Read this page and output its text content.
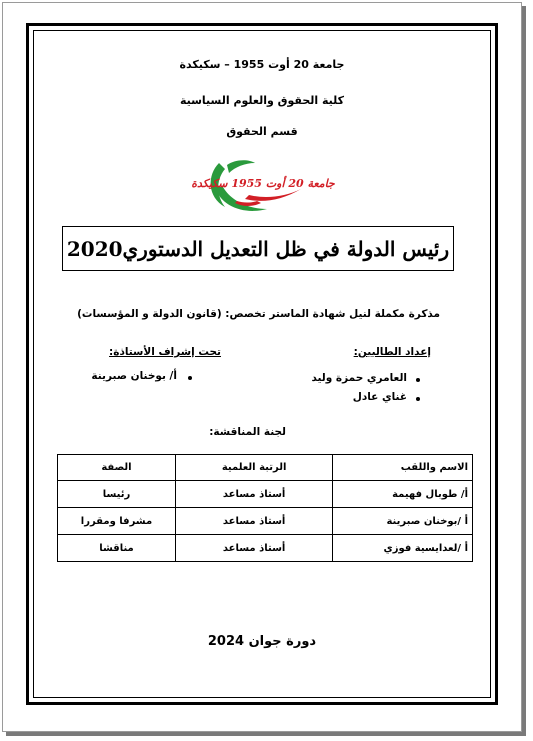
جامعة 20 أوت 1955 – سكيكدة
كلية الحقوق والعلوم السياسية
قسم الحقوق
جامعة 20 أوت 1955 سكيكدة
رئيس الدولة في ظل التعديل الدستوري2020
مذكرة مكملة لنيل شهادة الماستر تخصص: (قانون الدولة و المؤسسات)
إعداد الطالبين:
تحت إشراف الأستاذة:
العامري حمزة وليد
غناي عادل
أ/ بوخنان صبرينة
لجنة المناقشة:
الاسم واللقب	الرتبة العلمية	الصفة
أ/ طوبال فهيمة	أستاذ مساعد	رئيسا
أ /بوخنان صبرينة	أستاذ مساعد	مشرفا ومقررا
أ /لعدايسية فوزي	أستاذ مساعد	مناقشا
دورة جوان 2024
